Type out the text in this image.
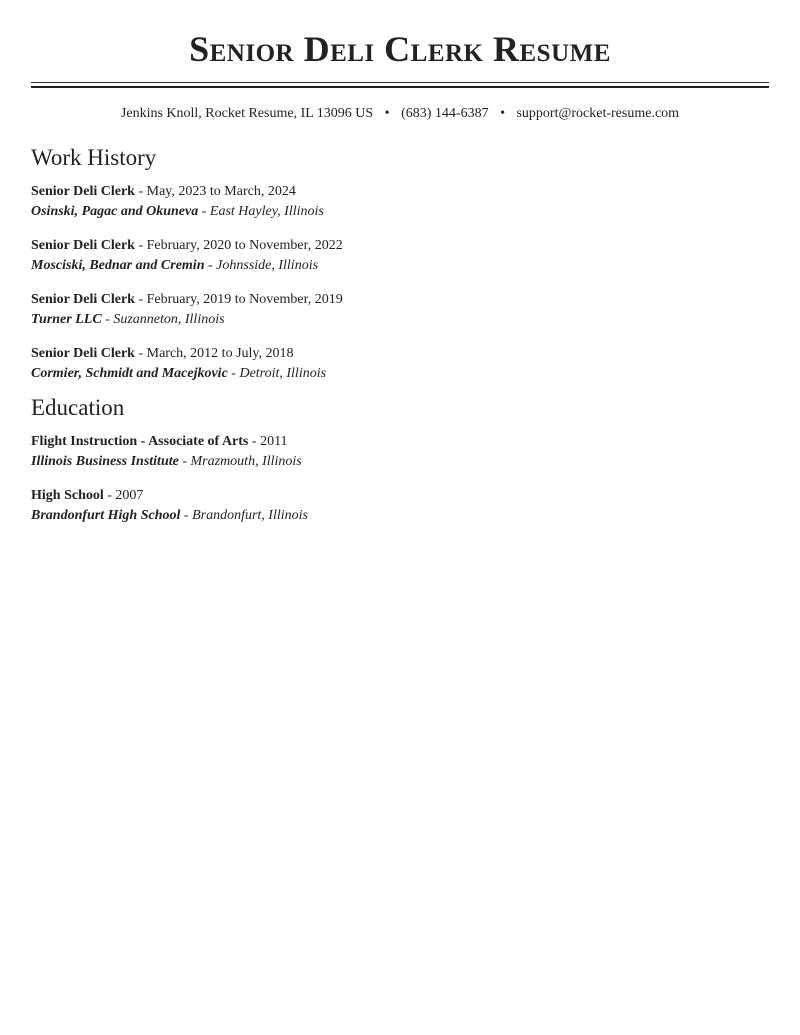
Senior Deli Clerk Resume
Jenkins Knoll, Rocket Resume, IL 13096 US • (683) 144-6387 • support@rocket-resume.com
Work History
Senior Deli Clerk - May, 2023 to March, 2024
Osinski, Pagac and Okuneva - East Hayley, Illinois
Senior Deli Clerk - February, 2020 to November, 2022
Mosciski, Bednar and Cremin - Johnsside, Illinois
Senior Deli Clerk - February, 2019 to November, 2019
Turner LLC - Suzanneton, Illinois
Senior Deli Clerk - March, 2012 to July, 2018
Cormier, Schmidt and Macejkovic - Detroit, Illinois
Education
Flight Instruction - Associate of Arts - 2011
Illinois Business Institute - Mrazmouth, Illinois
High School - 2007
Brandonfurt High School - Brandonfurt, Illinois
